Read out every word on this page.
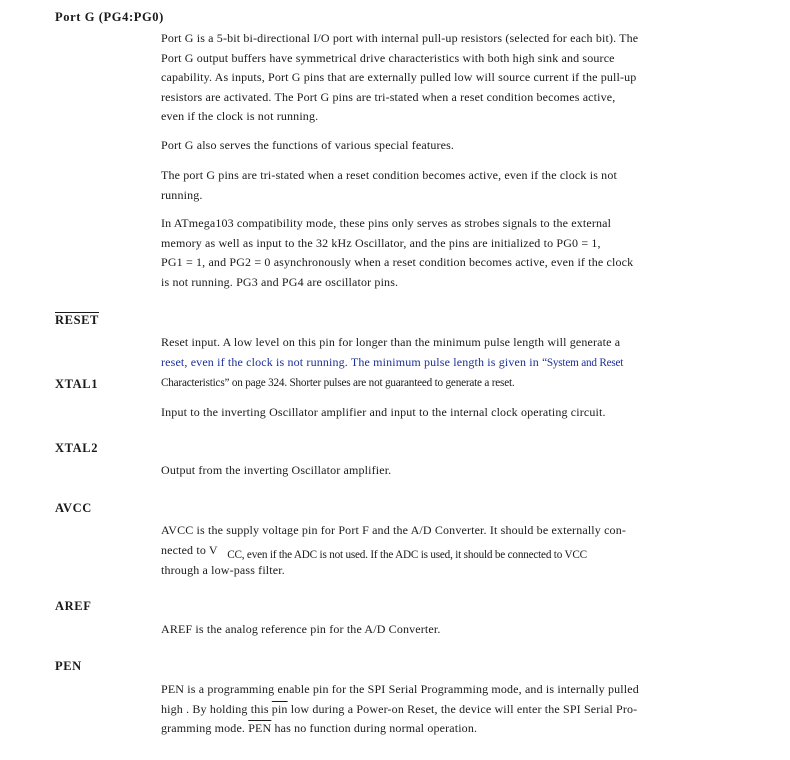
Port G (PG4:PG0)
Port G is a 5-bit bi-directional I/O port with internal pull-up resistors (selected for each bit). The
Port G output buffers have symmetrical drive characteristics with both high sink and source
capability. As inputs, Port G pins that are externally pulled low will source current if the pull-up
resistors are activated. The Port G pins are tri-stated when a reset condition becomes active,
even if the clock is not running.
Port G also serves the functions of various special features.
The port G pins are tri-stated when a reset condition becomes active, even if the clock is not
running.
In ATmega103 compatibility mode, these pins only serves as strobes signals to the external
memory as well as input to the 32 kHz Oscillator, and the pins are initialized to PG0 = 1,
PG1 = 1, and PG2 = 0 asynchronously when a reset condition becomes active, even if the clock
is not running. PG3 and PG4 are oscillator pins.
RESET
Reset input. A low level on this pin for longer than the minimum pulse length will generate a
reset, even if the clock is not running. The minimum pulse length is given in “System and Reset
Characteristics” on page 324. Shorter pulses are not guaranteed to generate a reset.
XTAL1
Input to the inverting Oscillator amplifier and input to the internal clock operating circuit.
XTAL2
Output from the inverting Oscillator amplifier.
AVCC
AVCC is the supply voltage pin for Port F and the A/D Converter. It should be externally con-
nected to V CC, even if the ADC is not used. If the ADC is used, it should be connected to VCC
through a low-pass filter.
AREF
AREF is the analog reference pin for the A/D Converter.
PEN
PEN is a programming enable pin for the SPI Serial Programming mode, and is internally pulled
high . By holding this $\overline{pin}$ low during a Power-on Reset, the device will enter the SPI Serial Pro-
gramming mode. $\overline{PEN}$ has no function during normal operation.
